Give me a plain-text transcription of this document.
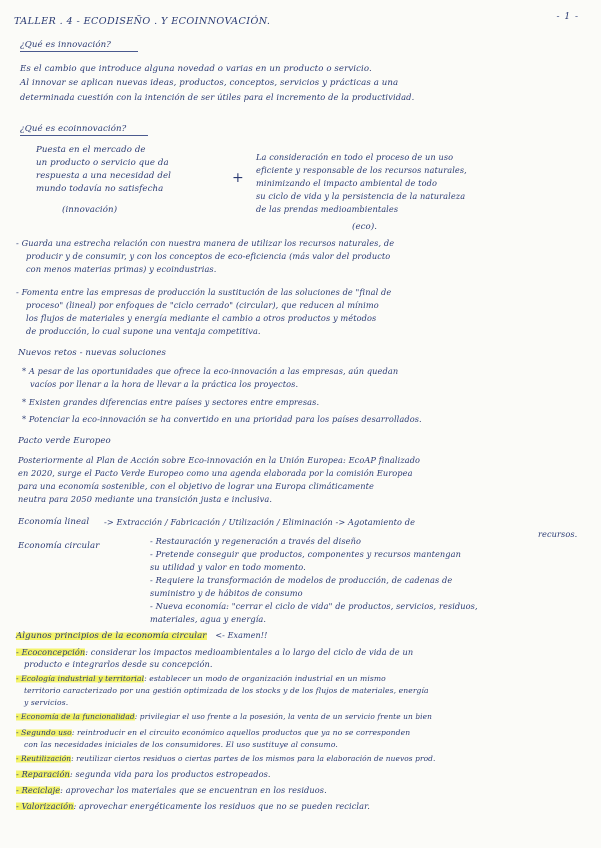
TALLER . 4 - ECODISEÑO . Y ECOINNOVACIÓN.	- 1 -
¿Qué es innovación?
Es el cambio que introduce alguna novedad o varias en un producto o servicio.
Al innovar se aplican nuevas ideas, productos, conceptos, servicios y prácticas a una
determinada cuestión con la intención de ser útiles para el incremento de la productividad.
¿Qué es ecoinnovación?
Puesta en el mercado de
un producto o servicio que da
respuesta a una necesidad del
mundo todavía no satisfecha
(innovación)
+
La consideración en todo el proceso de un uso
eficiente y responsable de los recursos naturales,
minimizando el impacto ambiental de todo
su ciclo de vida y la persistencia de la naturaleza
de las prendas medioambientales
(eco).
- Guarda una estrecha relación con nuestra manera de utilizar los recursos naturales, de
producir y de consumir, y con los conceptos de eco-eficiencia (más valor del producto
con menos materias primas) y ecoindustrias.
- Fomenta entre las empresas de producción la sustitución de las soluciones de "final de
proceso" (lineal) por enfoques de "ciclo cerrado" (circular), que reducen al mínimo
los flujos de materiales y energía mediante el cambio a otros productos y métodos
de producción, lo cual supone una ventaja competitiva.
Nuevos retos - nuevas soluciones
* A pesar de las oportunidades que ofrece la eco-innovación a las empresas, aún quedan
vacíos por llenar a la hora de llevar a la práctica los proyectos.
* Existen grandes diferencias entre países y sectores entre empresas.
* Potenciar la eco-innovación se ha convertido en una prioridad para los países desarrollados.
Pacto verde Europeo
Posteriormente al Plan de Acción sobre Eco-innovación en la Unión Europea: EcoAP finalizado
en 2020, surge el Pacto Verde Europeo como una agenda elaborada por la comisión Europea
para una economía sostenible, con el objetivo de lograr una Europa climáticamente
neutra para 2050 mediante una transición justa e inclusiva.
Economía lineal -> Extracción / Fabricación / Utilización / Eliminación -> Agotamiento de
recursos.
Economía circular	- Restauración y regeneración a través del diseño
- Pretende conseguir que productos, componentes y recursos mantengan
su utilidad y valor en todo momento.
- Requiere la transformación de modelos de producción, de cadenas de
suministro y de hábitos de consumo
- Nueva economía: "cerrar el ciclo de vida" de productos, servicios, residuos,
materiales, agua y energía.
Algunos principios de la economía circular <- Examen!!
- Ecoconcepción: considerar los impactos medioambientales a lo largo del ciclo de vida de un
producto e integrarlos desde su concepción.
- Ecología industrial y territorial: establecer un modo de organización industrial en un mismo
territorio caracterizado por una gestión optimizada de los stocks y de los flujos de materiales, energía
y servicios.
- Economía de la funcionalidad: privilegiar el uso frente a la posesión, la venta de un servicio frente un bien
- Segundo uso: reintroducir en el circuito económico aquellos productos que ya no se corresponden
con las necesidades iniciales de los consumidores. El uso sustituye al consumo.
- Reutilización: reutilizar ciertos residuos o ciertas partes de los mismos para la elaboración de nuevos prod.
- Reparación: segunda vida para los productos estropeados.
- Reciclaje: aprovechar los materiales que se encuentran en los residuos.
- Valorización: aprovechar energéticamente los residuos que no se pueden reciclar.
